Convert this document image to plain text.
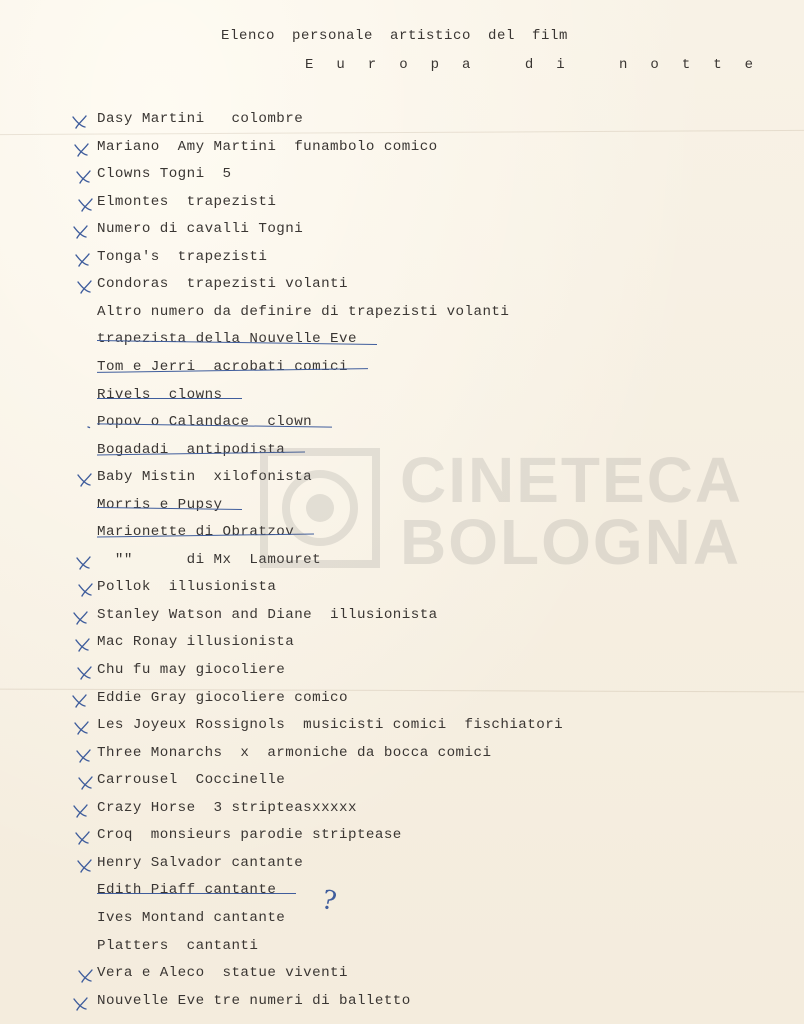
Elenco personale artistico del film
E u r o p a   d i   n o t t e
Dasy Martini   colombre
Mariano  Amy Martini  funambolo comico
Clowns Togni  5
Elmontes  trapezisti
Numero di cavalli Togni
Tonga's  trapezisti
Condoras  trapezisti volanti
Altro numero da definire di trapezisti volanti
trapezista della Nouvelle Eve
Tom e Jerri  acrobati comici
Rivels  clowns
Popov o Calandace  clown
Bogadadi  antipodista
Baby Mistin  xilofonista
Morris e Pupsy
Marionette di Obratzov
""      di Mx  Lamouret
Pollok  illusionista
Stanley Watson and Diane  illusionista
Mac Ronay illusionista
Chu fu may giocoliere
Eddie Gray giocoliere comico
Les Joyeux Rossignols  musicisti comici  fischiatori
Three Monarchs  x  armoniche da bocca comici
Carrousel  Coccinelle
Crazy Horse  3 stripteasxxxxx
Croq  monsieurs parodie striptease
Henry Salvador cantante
Edith Piaff cantante
Ives Montand cantante
Platters  cantanti
Vera e Aleco  statue viventi
Nouvelle Eve tre numeri di balletto
?
CINETECA
BOLOGNA
